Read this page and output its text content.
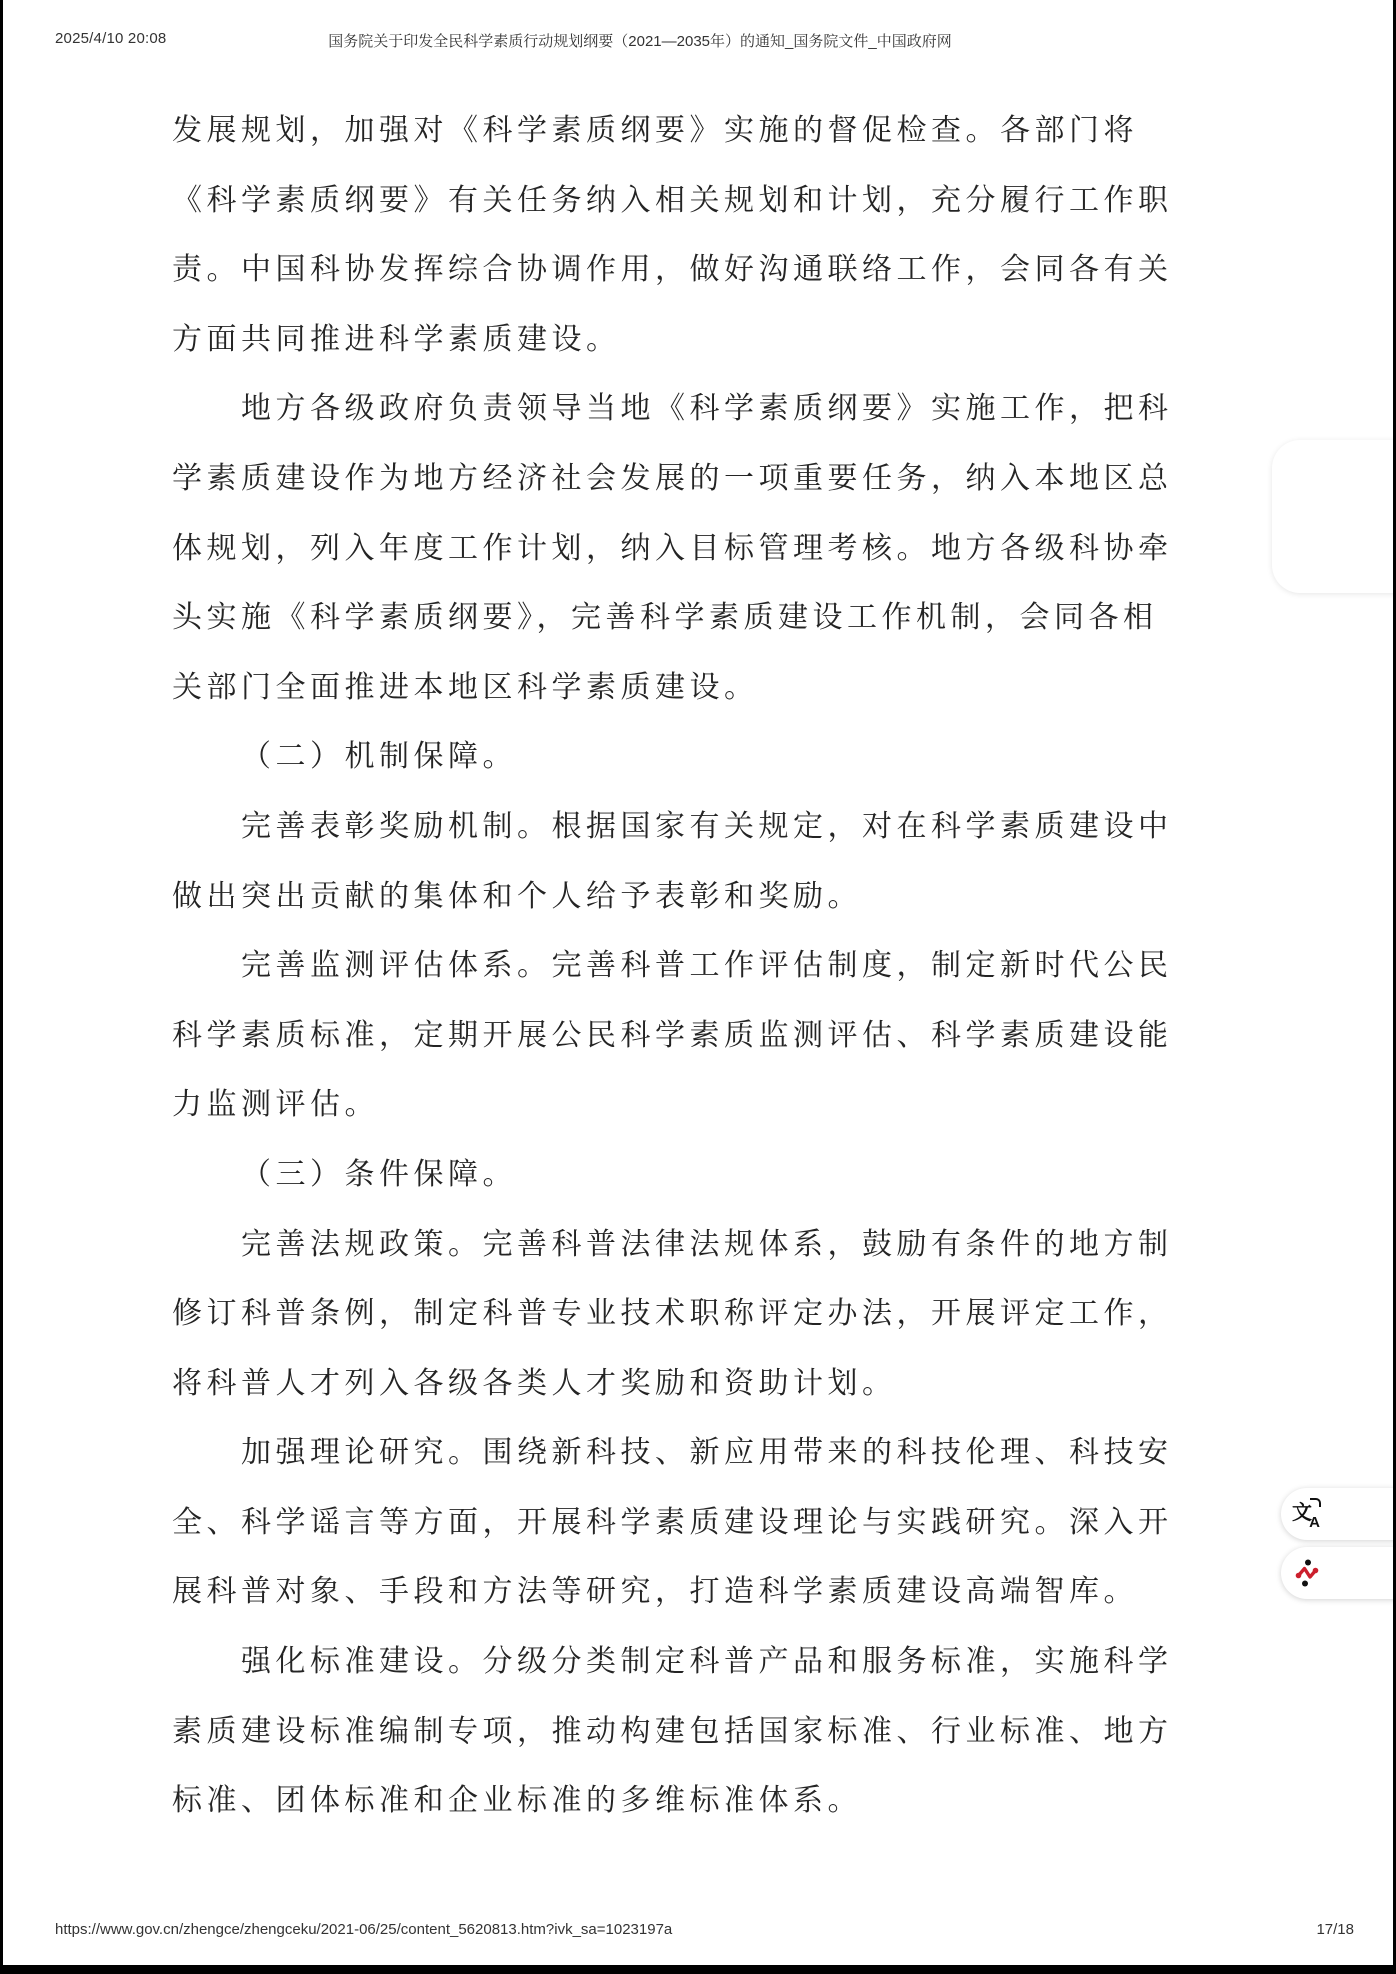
2025/4/10 20:08	国务院关于印发全民科学素质行动规划纲要（2021—2035年）的通知_国务院文件_中国政府网
发展规划，加强对《科学素质纲要》实施的督促检查。各部门将
《科学素质纲要》有关任务纳入相关规划和计划，充分履行工作职
责。中国科协发挥综合协调作用，做好沟通联络工作，会同各有关
方面共同推进科学素质建设。
地方各级政府负责领导当地《科学素质纲要》实施工作，把科
学素质建设作为地方经济社会发展的一项重要任务，纳入本地区总
体规划，列入年度工作计划，纳入目标管理考核。地方各级科协牵
头实施《科学素质纲要》，完善科学素质建设工作机制，会同各相
关部门全面推进本地区科学素质建设。
（二）机制保障。
完善表彰奖励机制。根据国家有关规定，对在科学素质建设中
做出突出贡献的集体和个人给予表彰和奖励。
完善监测评估体系。完善科普工作评估制度，制定新时代公民
科学素质标准，定期开展公民科学素质监测评估、科学素质建设能
力监测评估。
（三）条件保障。
完善法规政策。完善科普法律法规体系，鼓励有条件的地方制
修订科普条例，制定科普专业技术职称评定办法，开展评定工作，
将科普人才列入各级各类人才奖励和资助计划。
加强理论研究。围绕新科技、新应用带来的科技伦理、科技安
全、科学谣言等方面，开展科学素质建设理论与实践研究。深入开
展科普对象、手段和方法等研究，打造科学素质建设高端智库。
强化标准建设。分级分类制定科普产品和服务标准，实施科学
素质建设标准编制专项，推动构建包括国家标准、行业标准、地方
标准、团体标准和企业标准的多维标准体系。
文
A
https://www.gov.cn/zhengce/zhengceku/2021-06/25/content_5620813.htm?ivk_sa=1023197a	17/18
